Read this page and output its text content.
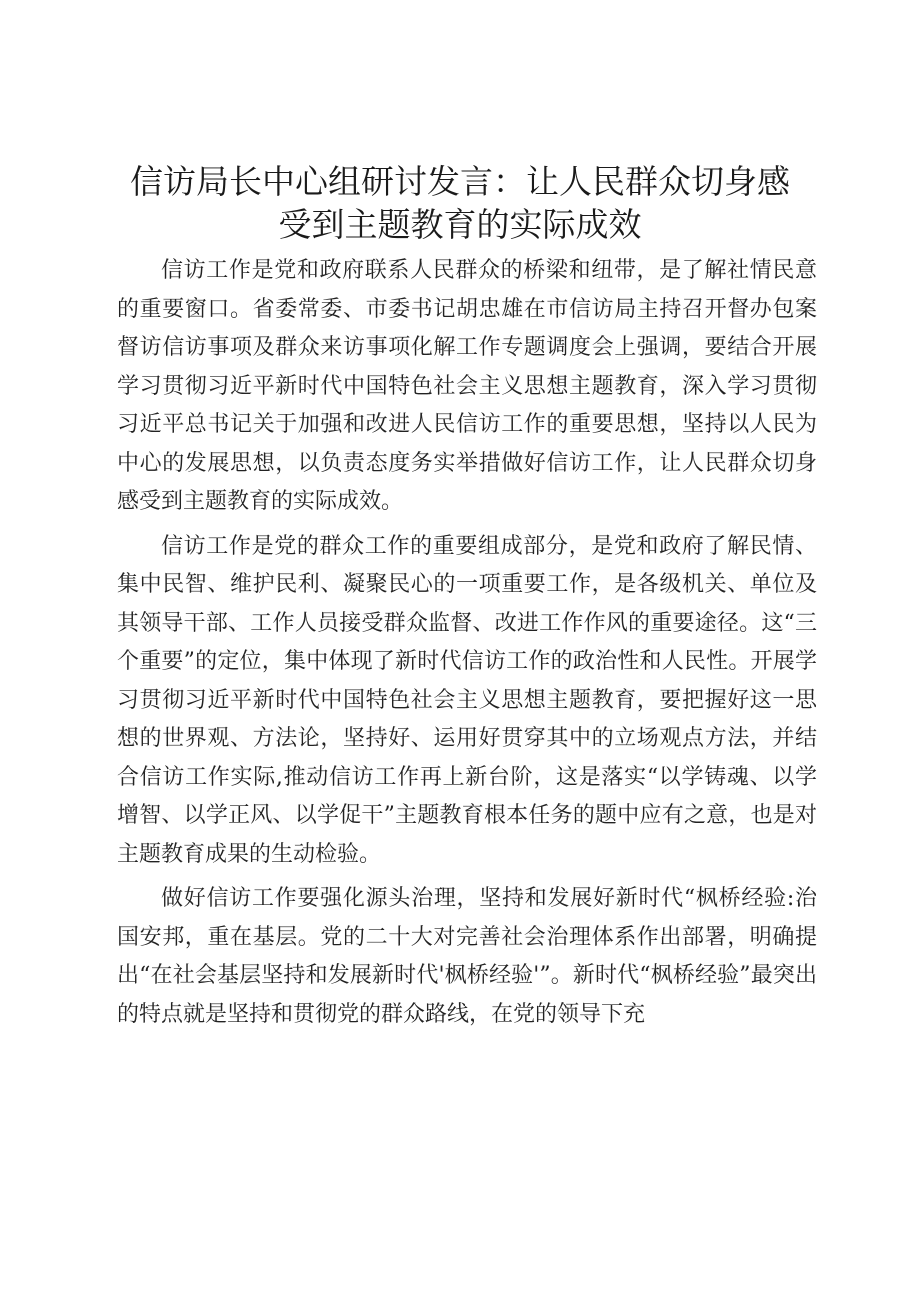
信访局长中心组研讨发言：让人民群众切身感
受到主题教育的实际成效

信访工作是党和政府联系人民群众的桥梁和纽带，是了解社情民意的重要窗口。省委常委、市委书记胡忠雄在市信访局主持召开督办包案督访信访事项及群众来访事项化解工作专题调度会上强调，要结合开展学习贯彻习近平新时代中国特色社会主义思想主题教育，深入学习贯彻习近平总书记关于加强和改进人民信访工作的重要思想，坚持以人民为中心的发展思想，以负责态度务实举措做好信访工作，让人民群众切身感受到主题教育的实际成效。

信访工作是党的群众工作的重要组成部分，是党和政府了解民情、集中民智、维护民利、凝聚民心的一项重要工作，是各级机关、单位及其领导干部、工作人员接受群众监督、改进工作作风的重要途径。这“三个重要”的定位，集中体现了新时代信访工作的政治性和人民性。开展学习贯彻习近平新时代中国特色社会主义思想主题教育，要把握好这一思想的世界观、方法论，坚持好、运用好贯穿其中的立场观点方法，并结合信访工作实际,推动信访工作再上新台阶，这是落实“以学铸魂、以学增智、以学正风、以学促干”主题教育根本任务的题中应有之意，也是对主题教育成果的生动检验。

做好信访工作要强化源头治理，坚持和发展好新时代“枫桥经验:治国安邦，重在基层。党的二十大对完善社会治理体系作出部署，明确提出“在社会基层坚持和发展新时代'枫桥经验'”。新时代“枫桥经验”最突出的特点就是坚持和贯彻党的群众路线，在党的领导下充
